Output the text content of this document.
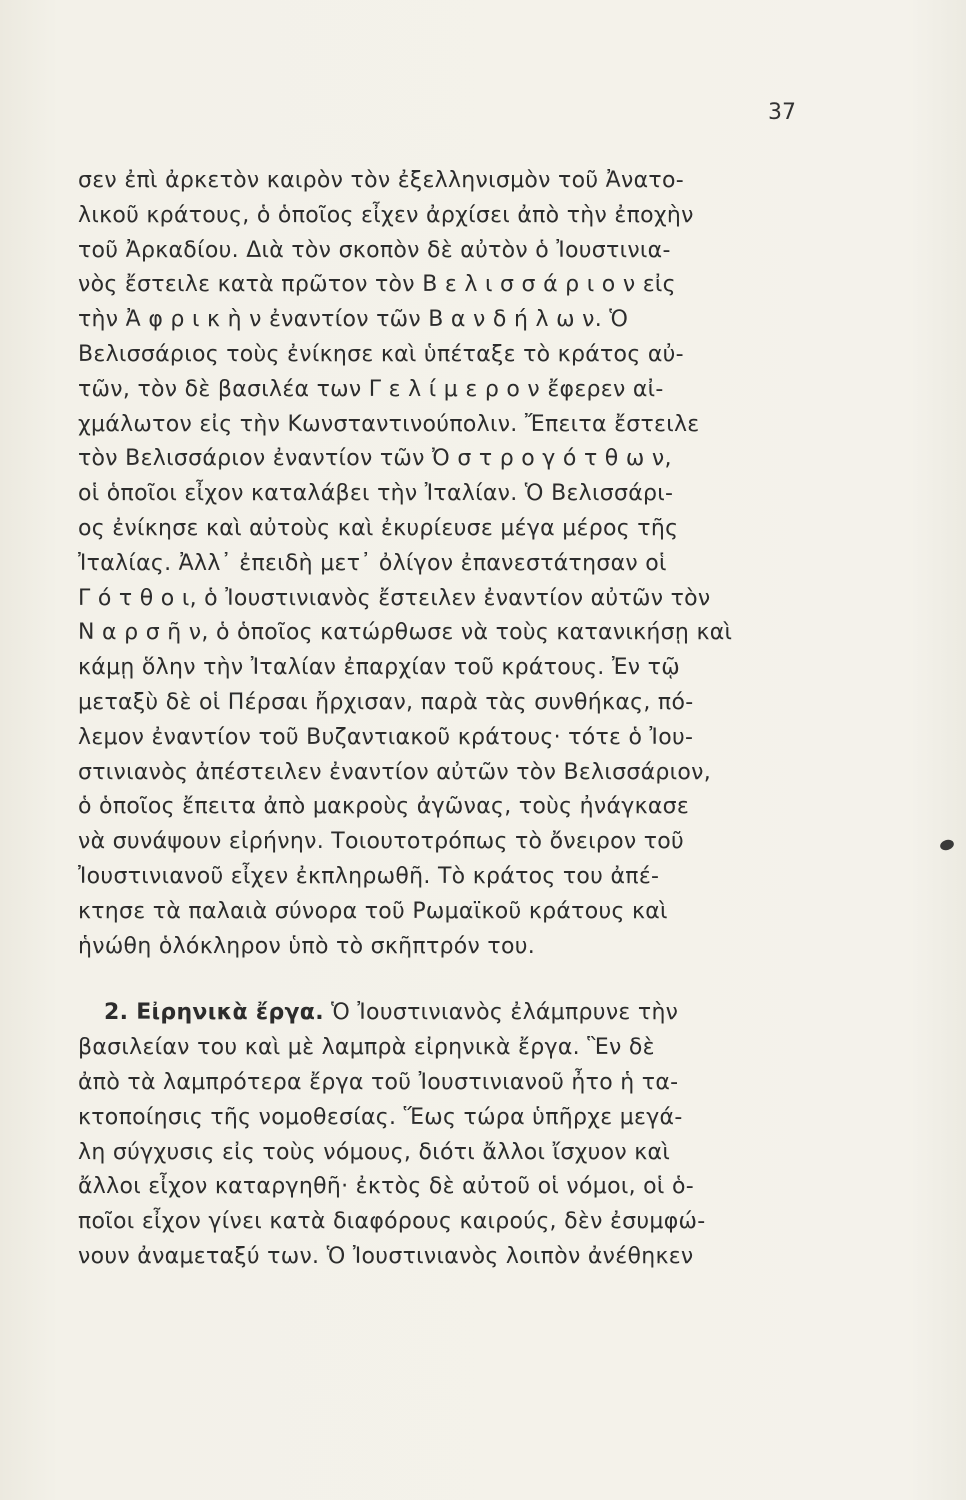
37
σεν ἐπὶ ἀρκετὸν καιρὸν τὸν ἐξελληνισμὸν τοῦ Ἀνατο-
λικοῦ κράτους, ὁ ὁποῖος εἶχεν ἀρχίσει ἀπὸ τὴν ἐποχὴν
τοῦ Ἀρκαδίου. Διὰ τὸν σκοπὸν δὲ αὐτὸν ὁ Ἰουστινια-
νὸς ἔστειλε κατὰ πρῶτον τὸν Β ε λ ι σ σ ά ρ ι ο ν εἰς
τὴν Ἀ φ ρ ι κ ὴ ν ἐναντίον τῶν Β α ν δ ή λ ω ν. Ὁ
Βελισσάριος τοὺς ἐνίκησε καὶ ὑπέταξε τὸ κράτος αὐ-
τῶν, τὸν δὲ βασιλέα των Γ ε λ ί μ ε ρ ο ν ἔφερεν αἰ-
χμάλωτον εἰς τὴν Κωνσταντινούπολιν. Ἔπειτα ἔστειλε
τὸν Βελισσάριον ἐναντίον τῶν Ὀ σ τ ρ ο γ ό τ θ ω ν,
οἱ ὁποῖοι εἶχον καταλάβει τὴν Ἰταλίαν. Ὁ Βελισσάρι-
ος ἐνίκησε καὶ αὐτοὺς καὶ ἐκυρίευσε μέγα μέρος τῆς
Ἰταλίας. Ἀλλ᾽ ἐπειδὴ μετ᾽ ὀλίγον ἐπανεστάτησαν οἱ
Γ ό τ θ ο ι, ὁ Ἰουστινιανὸς ἔστειλεν ἐναντίον αὐτῶν τὸν
Ν α ρ σ ῆ ν, ὁ ὁποῖος κατώρθωσε νὰ τοὺς κατανικήσῃ καὶ
κάμῃ ὅλην τὴν Ἰταλίαν ἐπαρχίαν τοῦ κράτους. Ἐν τῷ
μεταξὺ δὲ οἱ Πέρσαι ἤρχισαν, παρὰ τὰς συνθήκας, πό-
λεμον ἐναντίον τοῦ Βυζαντιακοῦ κράτους· τότε ὁ Ἰου-
στινιανὸς ἀπέστειλεν ἐναντίον αὐτῶν τὸν Βελισσάριον,
ὁ ὁποῖος ἔπειτα ἀπὸ μακροὺς ἀγῶνας, τοὺς ἠνάγκασε
νὰ συνάψουν εἰρήνην. Τοιουτοτρόπως τὸ ὄνειρον τοῦ
Ἰουστινιανοῦ εἶχεν ἐκπληρωθῆ. Τὸ κράτος του ἀπέ-
κτησε τὰ παλαιὰ σύνορα τοῦ Ρωμαϊκοῦ κράτους καὶ
ἡνώθη ὁλόκληρον ὑπὸ τὸ σκῆπτρόν του.
2. Εἰρηνικὰ ἔργα. Ὁ Ἰουστινιανὸς ἐλάμπρυνε τὴν
βασιλείαν του καὶ μὲ λαμπρὰ εἰρηνικὰ ἔργα. Ἓν δὲ
ἀπὸ τὰ λαμπρότερα ἔργα τοῦ Ἰουστινιανοῦ ἦτο ἡ τα-
κτοποίησις τῆς νομοθεσίας. Ἕως τώρα ὑπῆρχε μεγά-
λη σύγχυσις εἰς τοὺς νόμους, διότι ἄλλοι ἴσχυον καὶ
ἄλλοι εἶχον καταργηθῆ· ἐκτὸς δὲ αὐτοῦ οἱ νόμοι, οἱ ὁ-
ποῖοι εἶχον γίνει κατὰ διαφόρους καιρούς, δὲν ἐσυμφώ-
νουν ἀναμεταξύ των. Ὁ Ἰουστινιανὸς λοιπὸν ἀνέθηκεν
